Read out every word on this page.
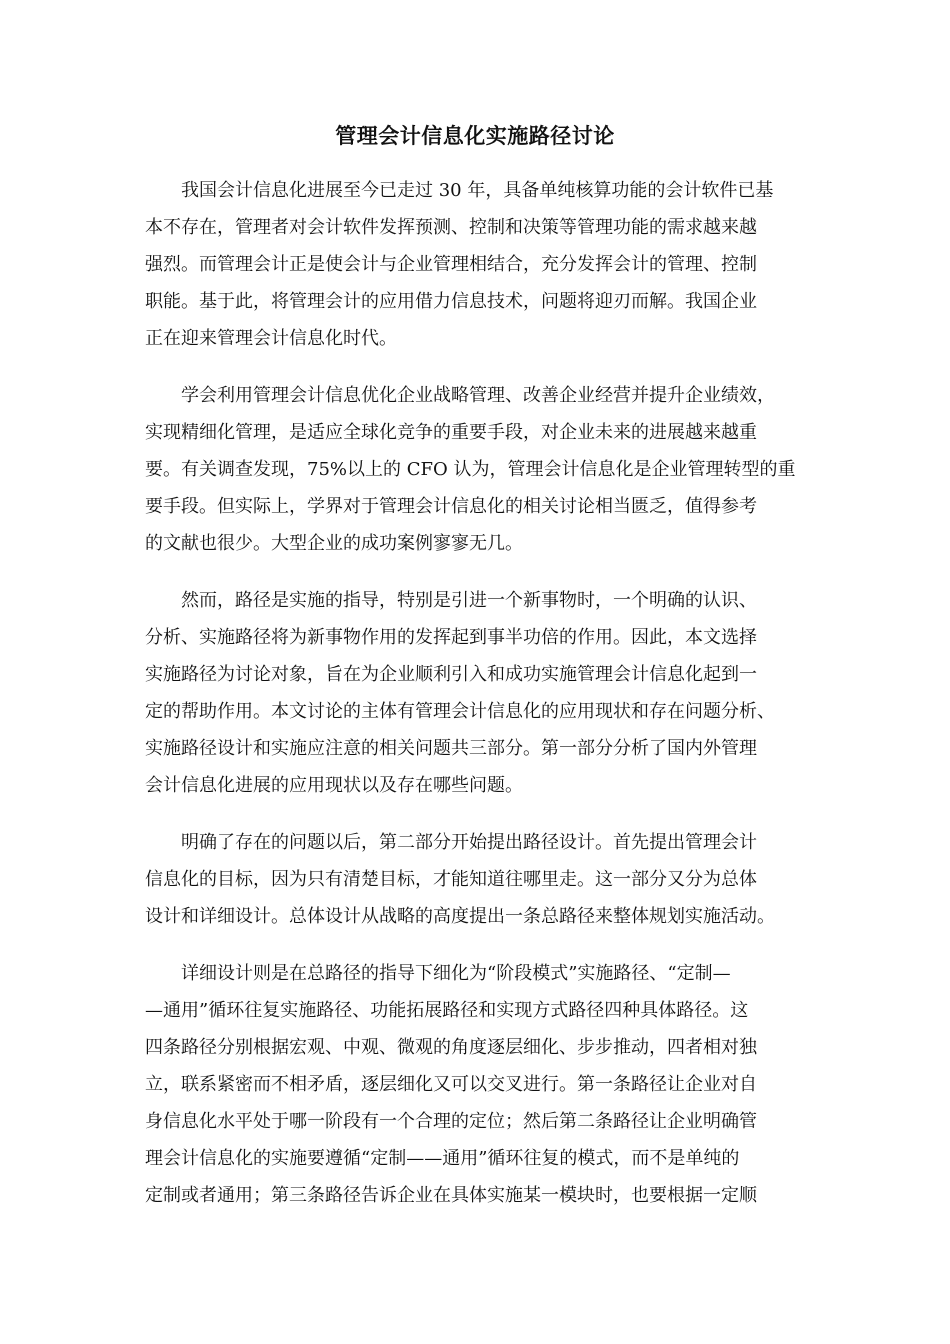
管理会计信息化实施路径讨论

我国会计信息化进展至今已走过 30 年，具备单纯核算功能的会计软件已基
本不存在，管理者对会计软件发挥预测、控制和决策等管理功能的需求越来越
强烈。而管理会计正是使会计与企业管理相结合，充分发挥会计的管理、控制
职能。基于此，将管理会计的应用借力信息技术，问题将迎刃而解。我国企业
正在迎来管理会计信息化时代。

学会利用管理会计信息优化企业战略管理、改善企业经营并提升企业绩效，
实现精细化管理，是适应全球化竞争的重要手段，对企业未来的进展越来越重
要。有关调查发现，75%以上的 CFO 认为，管理会计信息化是企业管理转型的重
要手段。但实际上，学界对于管理会计信息化的相关讨论相当匮乏，值得参考
的文献也很少。大型企业的成功案例寥寥无几。

然而，路径是实施的指导，特别是引进一个新事物时，一个明确的认识、
分析、实施路径将为新事物作用的发挥起到事半功倍的作用。因此，本文选择
实施路径为讨论对象，旨在为企业顺利引入和成功实施管理会计信息化起到一
定的帮助作用。本文讨论的主体有管理会计信息化的应用现状和存在问题分析、
实施路径设计和实施应注意的相关问题共三部分。第一部分分析了国内外管理
会计信息化进展的应用现状以及存在哪些问题。

明确了存在的问题以后，第二部分开始提出路径设计。首先提出管理会计
信息化的目标，因为只有清楚目标，才能知道往哪里走。这一部分又分为总体
设计和详细设计。总体设计从战略的高度提出一条总路径来整体规划实施活动。

详细设计则是在总路径的指导下细化为“阶段模式”实施路径、“定制—
—通用”循环往复实施路径、功能拓展路径和实现方式路径四种具体路径。这
四条路径分别根据宏观、中观、微观的角度逐层细化、步步推动，四者相对独
立，联系紧密而不相矛盾，逐层细化又可以交叉进行。第一条路径让企业对自
身信息化水平处于哪一阶段有一个合理的定位；然后第二条路径让企业明确管
理会计信息化的实施要遵循“定制——通用”循环往复的模式，而不是单纯的
定制或者通用；第三条路径告诉企业在具体实施某一模块时，也要根据一定顺
